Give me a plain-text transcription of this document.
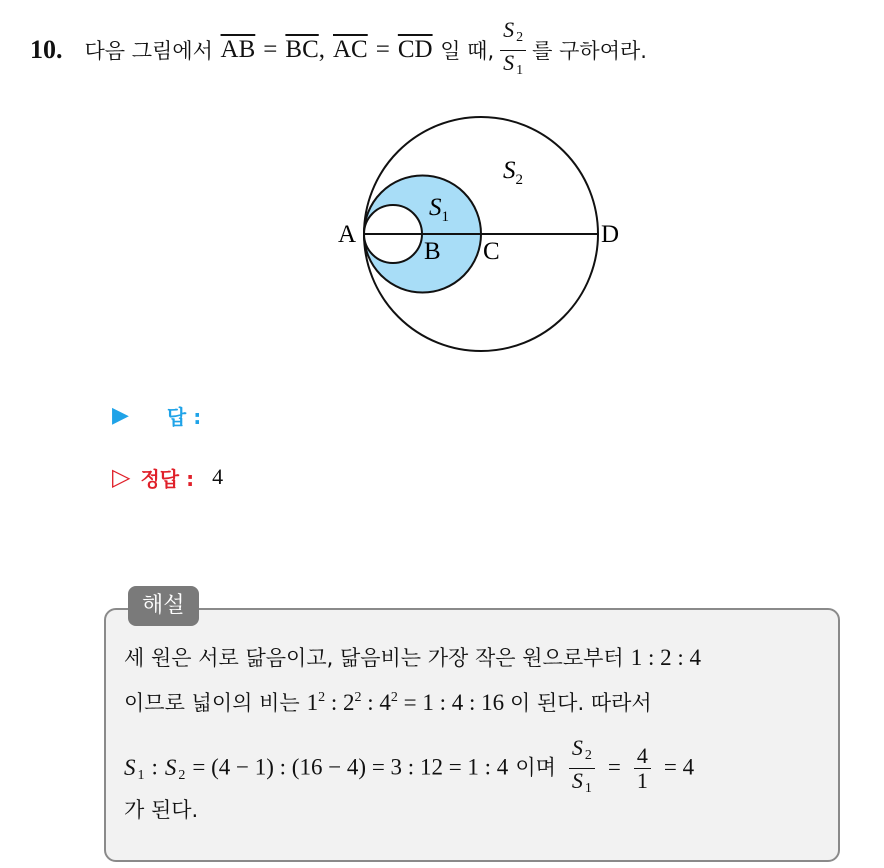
10. 다음 그림에서
$\overline{AB} = \overline{BC}$ , $\overline{AC} = \overline{CD}$
일 때, $\frac{S _2}{S _1}$ 를 구하여라.
A
B C
D
$S_1$
$S_2$
▶ 답 :
▷ 정답 : 4
해설
세 원은 서로 닮음이고, 닮음비는 가장 작은 원으로부터 1 : 2 : 4
이므로 넓이의 비는 $1^2$ : $2^2$ : $4^2 = 1$ : 4 : 16 이 된다. 따라서
S $_1$ : S $_2$ = (4 − 1) : (16 − 4) = 3 : 12 = 1 : 4 이며 $\frac{S _2}{S _1} = \frac{4}{1} = 4$
가 된다.
